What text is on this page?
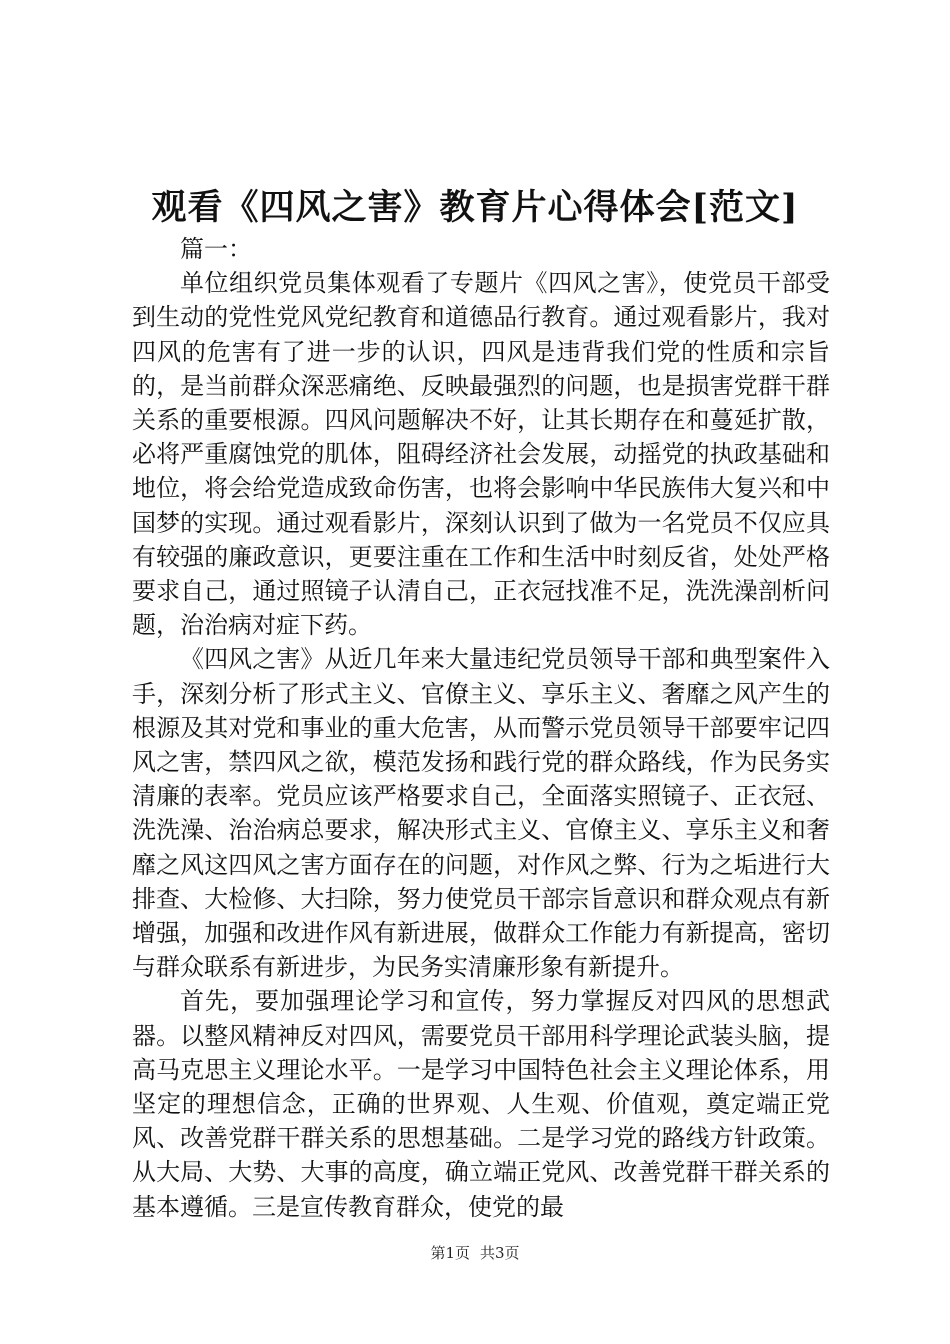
观看《四风之害》教育片心得体会[范文]

篇一：

单位组织党员集体观看了专题片《四风之害》，使党员干部受到生动的党性党风党纪教育和道德品行教育。通过观看影片，我对四风的危害有了进一步的认识，四风是违背我们党的性质和宗旨的，是当前群众深恶痛绝、反映最强烈的问题，也是损害党群干群关系的重要根源。四风问题解决不好，让其长期存在和蔓延扩散，必将严重腐蚀党的肌体，阻碍经济社会发展，动摇党的执政基础和地位，将会给党造成致命伤害，也将会影响中华民族伟大复兴和中国梦的实现。通过观看影片，深刻认识到了做为一名党员不仅应具有较强的廉政意识，更要注重在工作和生活中时刻反省，处处严格要求自己，通过照镜子认清自己，正衣冠找准不足，洗洗澡剖析问题，治治病对症下药。

《四风之害》从近几年来大量违纪党员领导干部和典型案件入手，深刻分析了形式主义、官僚主义、享乐主义、奢靡之风产生的根源及其对党和事业的重大危害，从而警示党员领导干部要牢记四风之害，禁四风之欲，模范发扬和践行党的群众路线，作为民务实清廉的表率。党员应该严格要求自己，全面落实照镜子、正衣冠、洗洗澡、治治病总要求，解决形式主义、官僚主义、享乐主义和奢靡之风这四风之害方面存在的问题，对作风之弊、行为之垢进行大排查、大检修、大扫除，努力使党员干部宗旨意识和群众观点有新增强，加强和改进作风有新进展，做群众工作能力有新提高，密切与群众联系有新进步，为民务实清廉形象有新提升。

首先，要加强理论学习和宣传，努力掌握反对四风的思想武器。以整风精神反对四风，需要党员干部用科学理论武装头脑，提高马克思主义理论水平。一是学习中国特色社会主义理论体系，用坚定的理想信念，正确的世界观、人生观、价值观，奠定端正党风、改善党群干群关系的思想基础。二是学习党的路线方针政策。从大局、大势、大事的高度，确立端正党风、改善党群干群关系的基本遵循。三是宣传教育群众，使党的最

第1页 共3页
